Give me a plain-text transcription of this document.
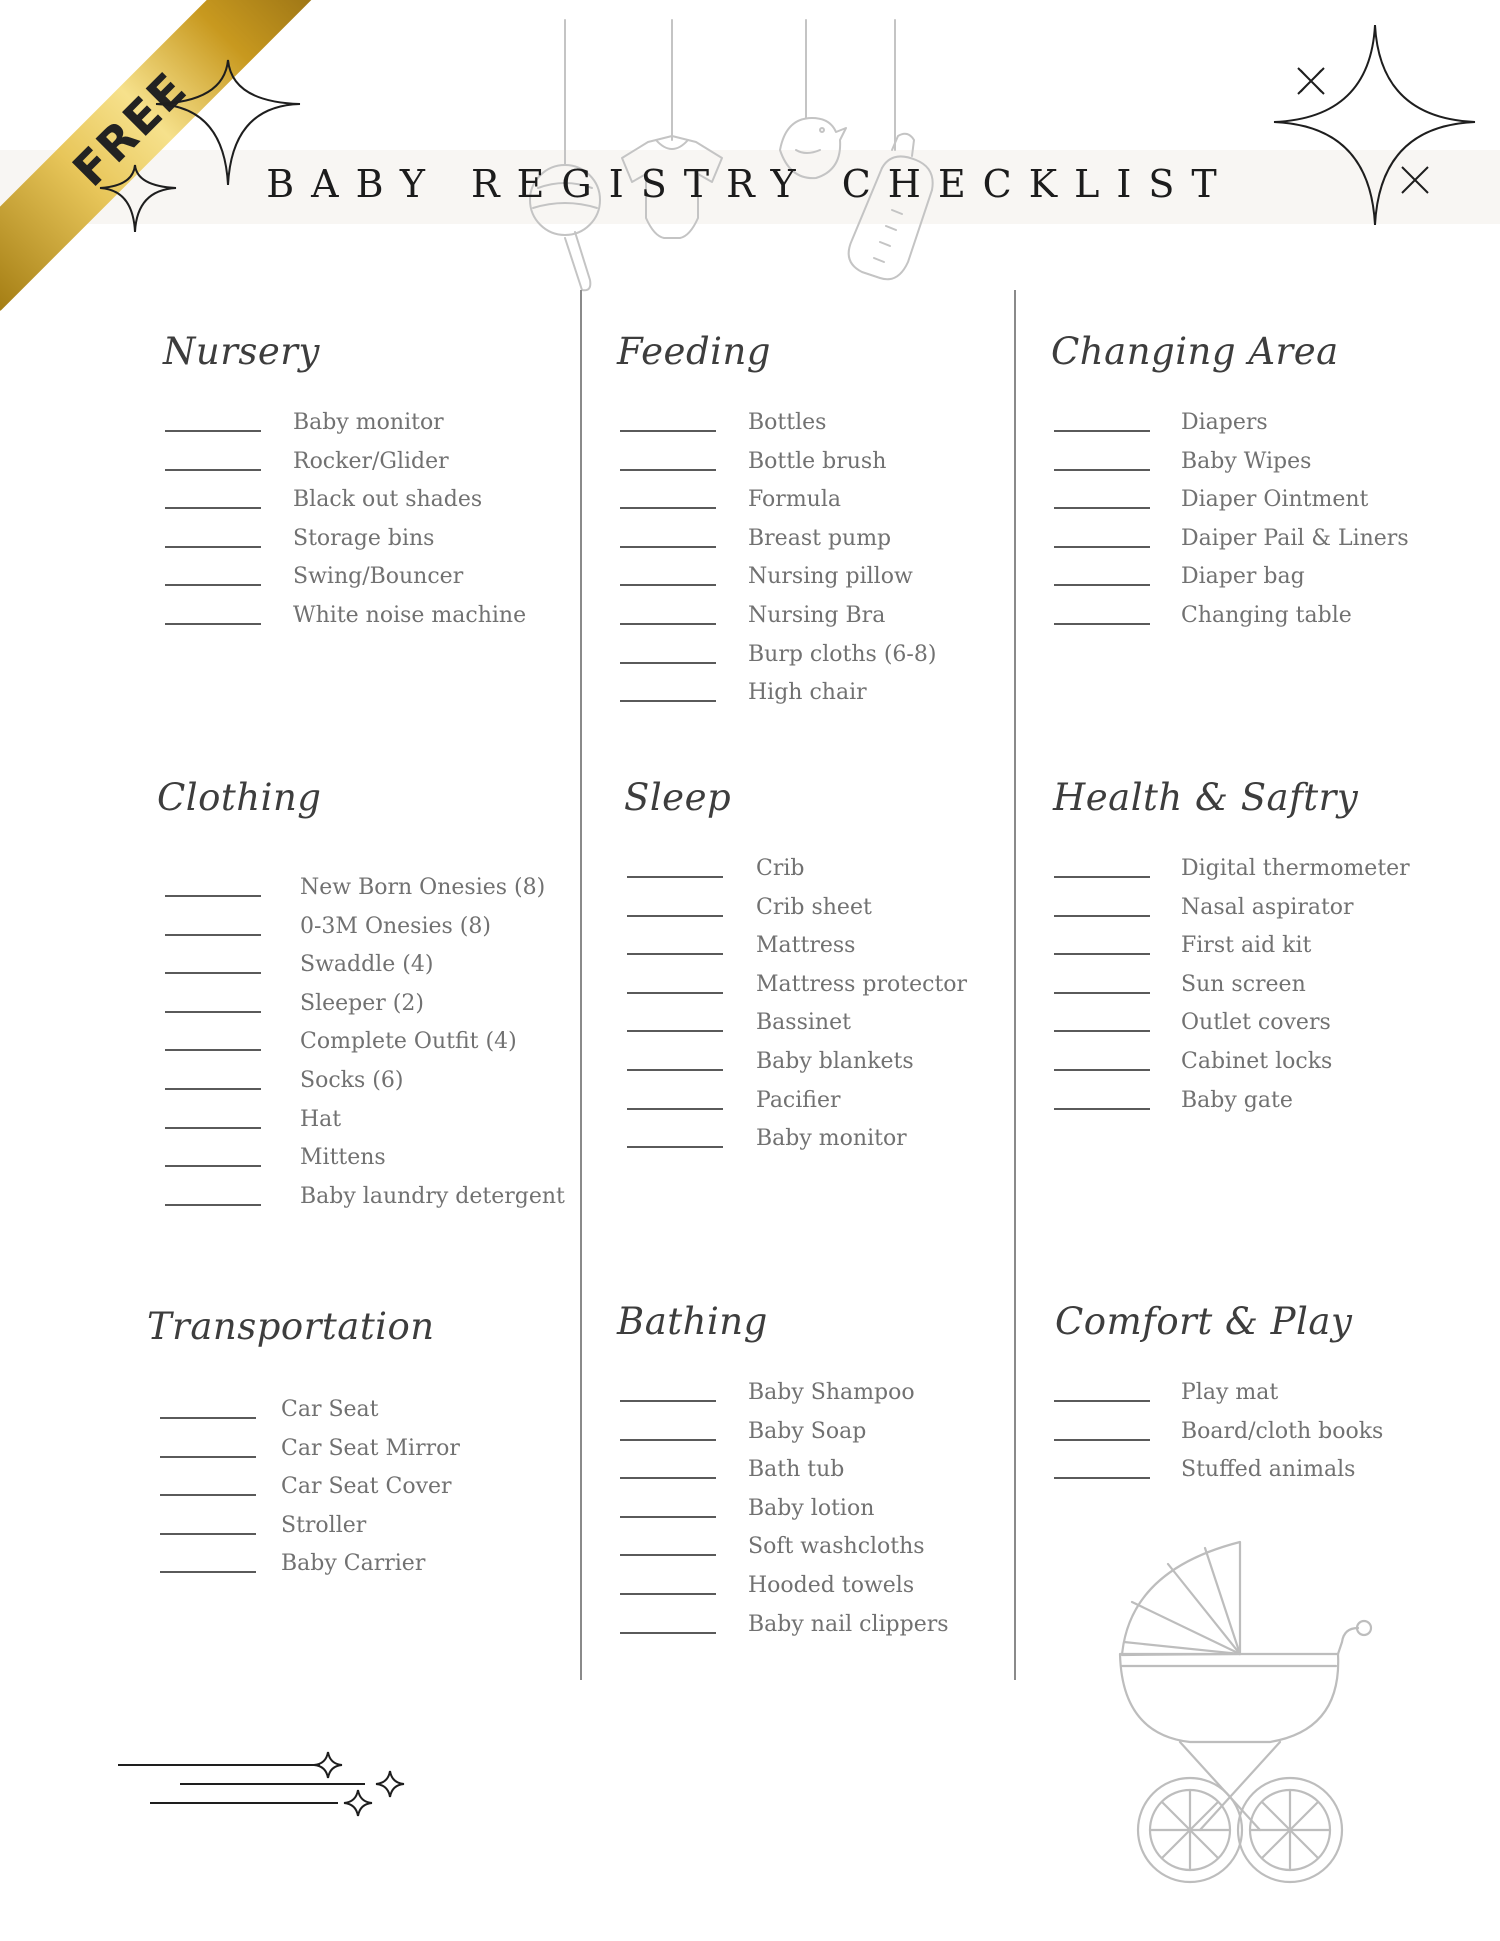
BABY REGISTRY CHECKLIST
FREE
Nursery
Baby monitor
Rocker/Glider
Black out shades
Storage bins
Swing/Bouncer
White noise machine
Feeding
Bottles
Bottle brush
Formula
Breast pump
Nursing pillow
Nursing Bra
Burp cloths (6-8)
High chair
Changing Area
Diapers
Baby Wipes
Diaper Ointment
Daiper Pail & Liners
Diaper bag
Changing table
Clothing
New Born Onesies (8)
0-3M Onesies (8)
Swaddle (4)
Sleeper (2)
Complete Outfit (4)
Socks (6)
Hat
Mittens
Baby laundry detergent
Sleep
Crib
Crib sheet
Mattress
Mattress protector
Bassinet
Baby blankets
Pacifier
Baby monitor
Health & Saftry
Digital thermometer
Nasal aspirator
First aid kit
Sun screen
Outlet covers
Cabinet locks
Baby gate
Transportation
Car Seat
Car Seat Mirror
Car Seat Cover
Stroller
Baby Carrier
Bathing
Baby Shampoo
Baby Soap
Bath tub
Baby lotion
Soft washcloths
Hooded towels
Baby nail clippers
Comfort & Play
Play mat
Board/cloth books
Stuffed animals
